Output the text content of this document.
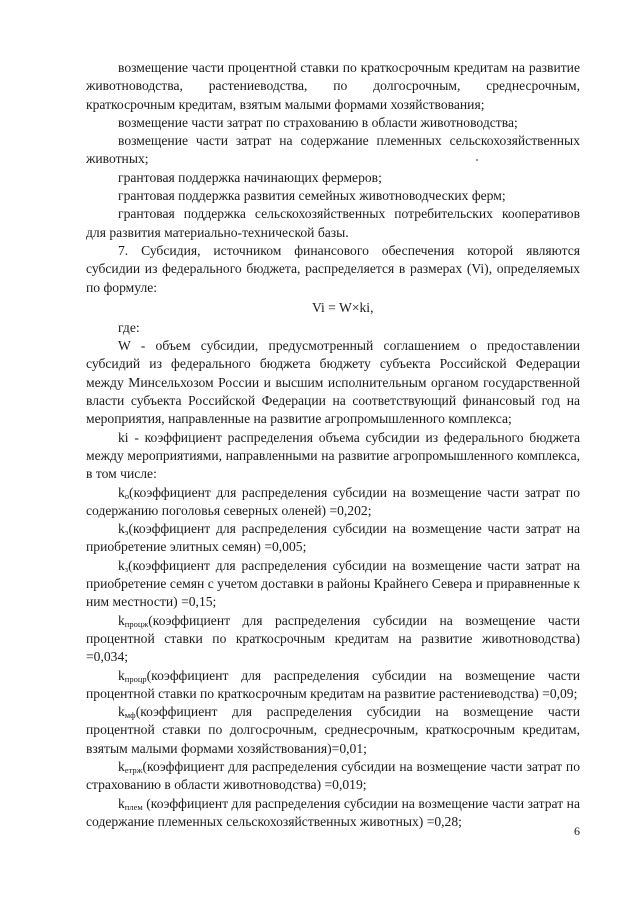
возмещение части процентной ставки по краткосрочным кредитам на развитие животноводства, растениеводства, по долгосрочным, среднесрочным, краткосрочным кредитам, взятым малыми формами хозяйствования;

возмещение части затрат по страхованию в области животноводства;

возмещение части затрат на содержание племенных сельскохозяйственных животных;

грантовая поддержка начинающих фермеров;

грантовая поддержка развития семейных животноводческих ферм;

грантовая поддержка сельскохозяйственных потребительских кооперативов для развития материально-технической базы.

7. Субсидия, источником финансового обеспечения которой являются субсидии из федерального бюджета, распределяется в размерах (Vi), определяемых по формуле:

Vi = W×ki,

где:

W - объем субсидии, предусмотренный соглашением о предоставлении субсидий из федерального бюджета бюджету субъекта Российской Федерации между Минсельхозом России и высшим исполнительным органом государственной власти субъекта Российской Федерации на соответствующий финансовый год на мероприятия, направленные на развитие агропромышленного комплекса;

ki - коэффициент распределения объема субсидии из федерального бюджета между мероприятиями, направленными на развитие агропромышленного комплекса, в том числе:

$k_о(коэффициент$ для распределения субсидии на возмещение части затрат по содержанию поголовья северных оленей) =0,202;

$k_э(коэффициент$ для распределения субсидии на возмещение части затрат на приобретение элитных семян) =0,005;

$k_з(коэффициент$ для распределения субсидии на возмещение части затрат на приобретение семян с учетом доставки в районы Крайнего Севера и приравненные к ним местности) =0,15;

$k_{процж}(коэффициент$ для распределения субсидии на возмещение части процентной ставки по краткосрочным кредитам на развитие животноводства) =0,034;

$k_{процр}(коэффициент$ для распределения субсидии на возмещение части процентной ставки по краткосрочным кредитам на развитие растениеводства) =0,09;

$k_{мф}(коэффициент$ для распределения субсидии на возмещение части процентной ставки по долгосрочным, среднесрочным, краткосрочным кредитам, взятым малыми формами хозяйствования)=0,01;

$k_{етрж}(коэффициент$ для распределения субсидии на возмещение части затрат по страхованию в области животноводства) =0,019;

$k_{плем}$ (коэффициент для распределения субсидии на возмещение части затрат на содержание племенных сельскохозяйственных животных) =0,28;

6
